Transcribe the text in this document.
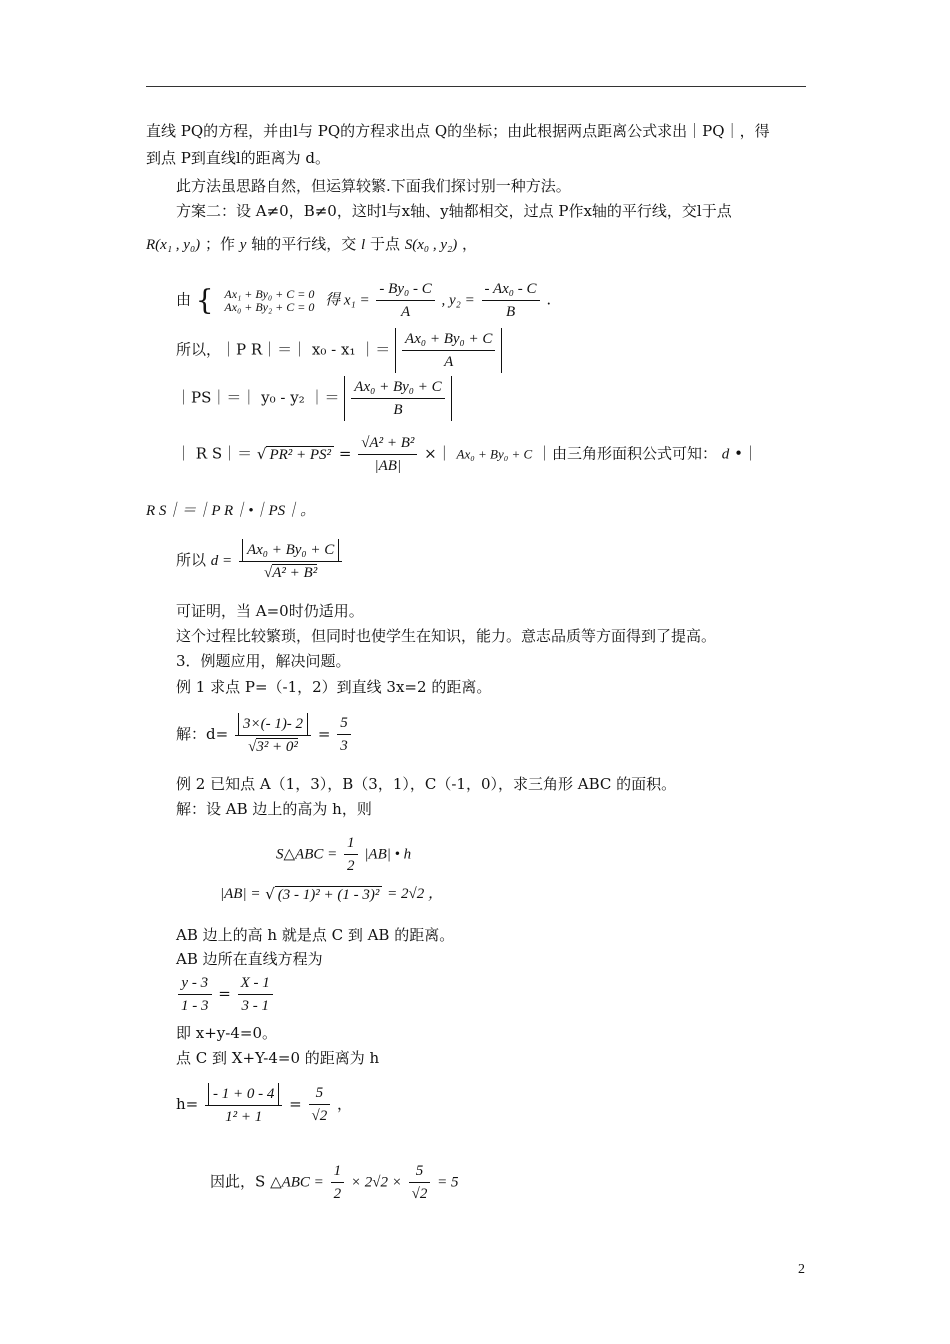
直线 PQ的方程，并由l与 PQ的方程求出点 Q的坐标；由此根据两点距离公式求出｜PQ｜，得
到点 P到直线l的距离为 d。
此方法虽思路自然，但运算较繁.下面我们探讨别一种方法。
方案二：设 A≠0，B≠0，这时l与x轴、y轴都相交，过点 P作x轴的平行线，交l于点
R(x₁ , y₀) ；作 y 轴的平行线，交 l 于点 S(x₀ , y₂) ，
由 { Ax₁ + By₀ + C = 0
Ax₀ + By₂ + C = 0 得 $x_1 = \frac{\text{- By₀ - C}}{A}$ , $y_2 = \frac{\text{- Ax₀ - C}}{B}$ .
所以，｜P R｜＝｜ x₀ - x₁ ｜＝ $\frac{\text{Ax₀ + By₀ + C}}{A}$
｜PS｜＝｜ y₀ - y₂ ｜＝ $\frac{\text{Ax₀ + By₀ + C}}{B}$
｜ R S｜＝ √ $PR^2 + PS^2 = \frac{\text{√A² + B²}}{|AB|}$ ×｜ Ax₀ + By₀ + C ｜由三角形面积公式可知： d •｜
R S｜＝｜P R｜•｜PS｜。
所以 $d = \frac{\text{Ax₀ + By₀ + C}}{\text{√A² + B²}}$
可证明，当 A=0时仍适用。
这个过程比较繁琐，但同时也使学生在知识，能力。意志品质等方面得到了提高。
3．例题应用，解决问题。
例 1 求点 P=（-1，2）到直线 3x=2 的距离。
解：$d= \frac{3\times(- 1)- 2}{\text{√3² + 0²}} = \frac{5}{3}$
例 2 已知点 A（1，3），B（3，1），C（-1，0），求三角形 ABC 的面积。
解：设 AB 边上的高为 h，则
S△ABC = $\frac{1}{2} |AB|$ • h
|AB| = √ (3 - 1)² + (1 - 3)² = 2√2 ，
AB 边上的高 h 就是点 C 到 AB 的距离。
AB 边所在直线方程为
$\frac{y - 3}{1 - 3} = \frac{X - 1}{3 - 1}$
即 x+y-4=0。
点 C 到 X+Y-4=0 的距离为 h
$h= \frac{- 1 + 0 - 4}{\text{1² + 1}} = \frac{5}{√2}$ ，
因此，S △ABC = $\frac{1}{2} \times 2√2 \times \frac{5}{√2} = 5$
2
